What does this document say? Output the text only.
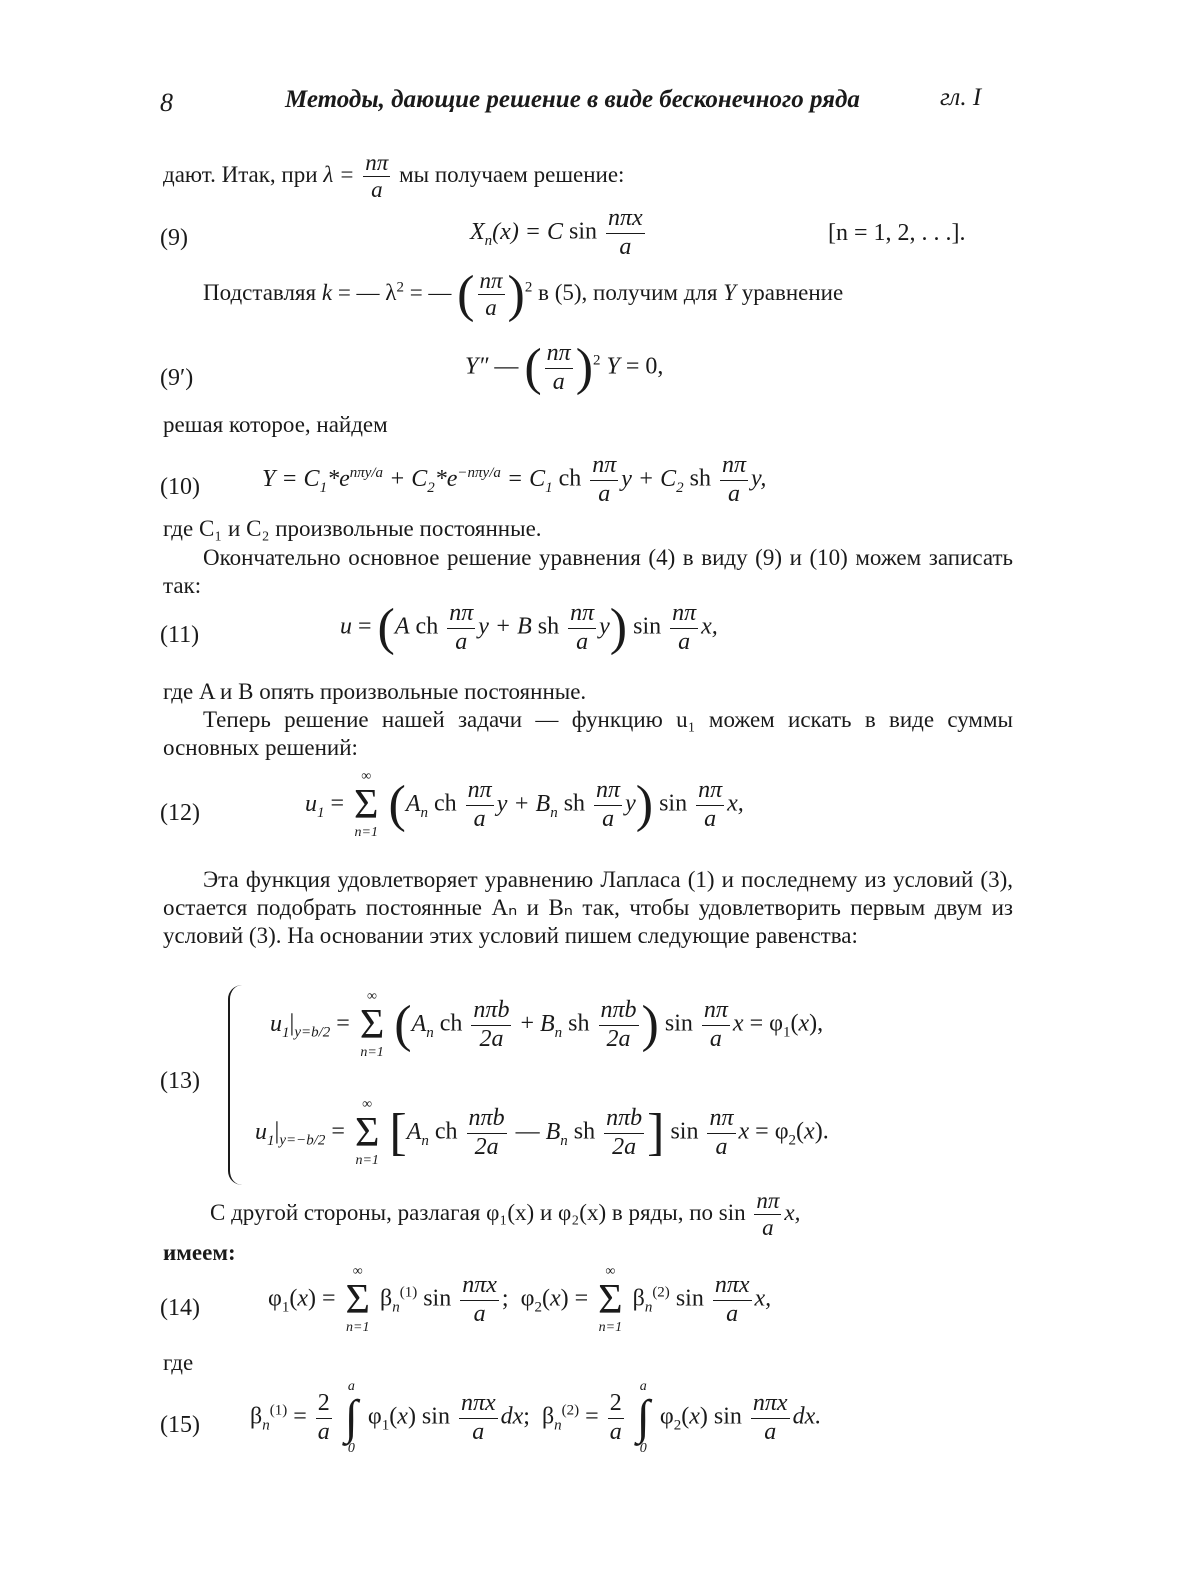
8	Методы, дающие решение в виде бесконечного ряда	гл. I
дают. Итак, при $\lambda = \frac{n\pi}{a}$ мы получаем решение:
(9)	$X_n(x) = C$ $\sin \frac{\text{nπx}}{a}$	[n = 1, 2, . . .].
Подставляя k = — $\lambda^2$ = — ( $\frac{n\pi}{a} )^2$ в (5), получим для Y уравнение
(9′)	Y″ — ( $\frac{n\pi}{a} )^2$ Y = 0,
решая которое, найдем
(10)	$Y = C_1*e^{n\pi y/a} + C_2*e^{-n\pi y/a} = C_1$ ch $\frac{n\pi}{a}$ $y + C_2$ sh $\frac{n\pi}{a} y$,
где C₁ и C₂ произвольные постоянные.
Окончательно основное решение уравнения (4) в виду (9) и (10) можем записать так:
(11)	u = (A ch $\frac{n\pi}{a}$ y + B sh $\frac{n\pi}{a} y$) $\sin \frac{n\pi}{a} x$,
где A и B опять произвольные постоянные.
Теперь решение нашей задачи — функцию u₁ можем искать в виде суммы основных решений:
(12)	$u_1$ =
∞
Σ
n=1 ($A_n$ ch $\frac{n\pi}{a}$ $y + B_n$ sh $\frac{n\pi}{a} y$) $\sin \frac{n\pi}{a} x$,
Эта функция удовлетворяет уравнению Лапласа (1) и последнему из условий (3), остается подобрать постоянные Aₙ и Bₙ так, чтобы удовлетворить первым двум из условий (3). На основании этих условий пишем следующие равенства:
(13)
$u_1|_{y=b/2}$ =
∞
Σ
n=1 ($A_n$ ch $\frac{\text{nπb}}{2a} + B_n$ sh $\frac{\text{nπb}}{2a}$ ) $\sin \frac{n\pi}{a}$ $x = \varphi_1(x)$,
$u_1|_{y=-b/2}$ =
∞
Σ
n=1 [$A_n$ ch $\frac{\text{nπb}}{2a}$ — $B_n$ sh $\frac{\text{nπb}}{2a}$ ] $\sin \frac{n\pi}{a}$ $x = \varphi_2(x)$.
С другой стороны, разлагая φ₁(x) и φ₂(x) в ряды, по $\sin \frac{n\pi}{a} x$,
имеем:
(14)	$\varphi_1(x)$ =
∞
Σ
n=1
$\beta_n^{(1)}$ $\sin \frac{\text{nπx}}{a}$ ;  $\varphi_2(x)$ =
∞
Σ
n=1
$\beta_n^{(2)}$ $\sin \frac{\text{nπx}}{a} x$,
где
(15) $\beta_n^{(1)} = \frac{2}{a}$

a
∫
0
$\varphi_1(x)$ $\sin \frac{\text{nπx}}{a}$ dx;  $\beta_n^{(2)} = \frac{2}{a}$

a
∫
0
$\varphi_2(x)$ $\sin \frac{\text{nπx}}{a}$ dx.
